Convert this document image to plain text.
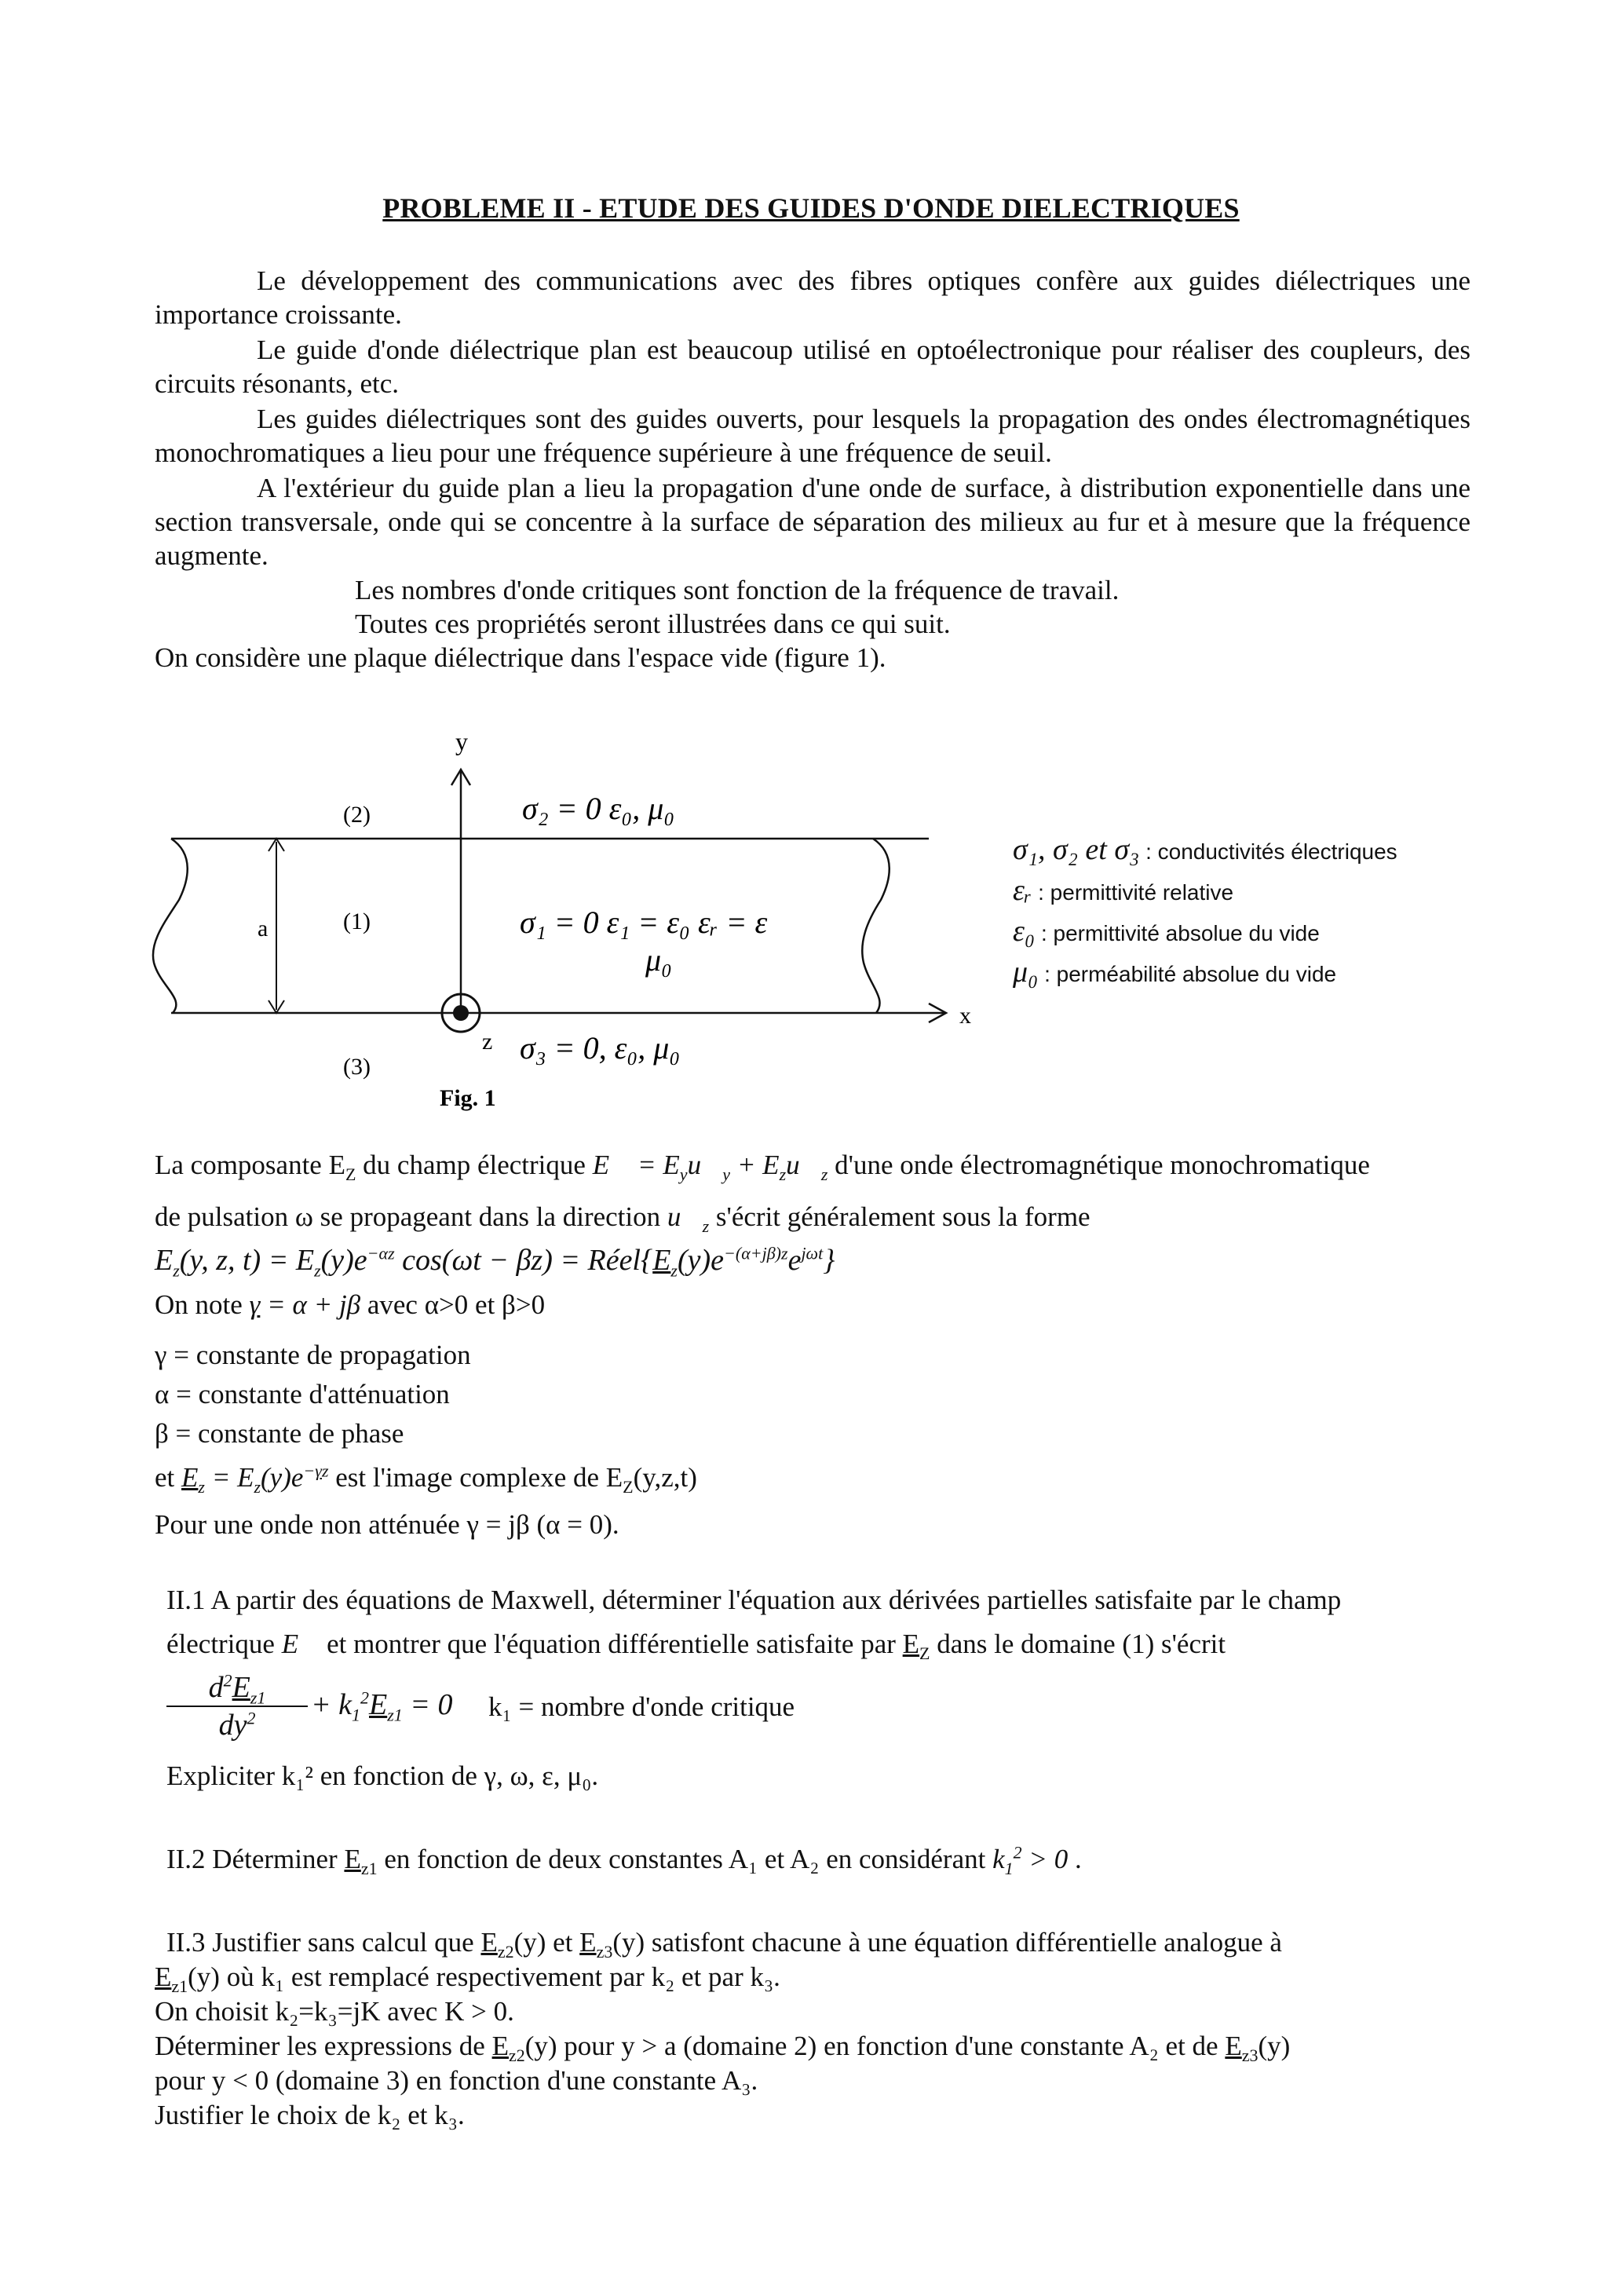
PROBLEME II - ETUDE DES GUIDES D'ONDE DIELECTRIQUES
Le développement des communications avec des fibres optiques confère aux guides diélectriques une importance croissante.
Le guide d'onde diélectrique plan est beaucoup utilisé en optoélectronique pour réaliser des coupleurs, des circuits résonants, etc.
Les guides diélectriques sont des guides ouverts, pour lesquels la propagation des ondes électromagnétiques monochromatiques a lieu pour une fréquence supérieure à une fréquence de seuil.
A l'extérieur du guide plan a lieu la propagation d'une onde de surface, à distribution exponentielle dans une section transversale, onde qui se concentre à la surface de séparation des milieux au fur et à mesure que la fréquence augmente.
Les nombres d'onde critiques sont fonction de la fréquence de travail.
Toutes ces propriétés seront illustrées dans ce qui suit.
On considère une plaque diélectrique dans l'espace vide (figure 1).
y
x
a
z
(2)
(1)
(3)
σ₂ = 0 ε₀, μ₀
σ₁ = 0 ε₁ = ε₀ εᵣ = ε
μ₀
σ₃ = 0, ε₀, μ₀
Fig. 1
σ₁, σ₂ et σ₃ : conductivités électriques
εᵣ : permittivité relative
ε₀ : permittivité absolue du vide
μ₀ : perméabilité absolue du vide
La composante $E_Z$ du champ électrique E⃗ = $E_yu⃗_y$ + $E_zu⃗_z$ d'une onde électromagnétique monochromatique
de pulsation ω se propageant dans la direction $u⃗_z$ s'écrit généralement sous la forme
$E_z(y$, z, $t) = E_z(y)e^{-\alpha z}$ $\cos(\omega t - \beta z) = Réel\{E_z(y)e^{-(\alpha+j\beta)z}e^{j\omega t}\}$
On note γ = α + jβ avec α>0 et β>0
γ = constante de propagation
α = constante d'atténuation
β = constante de phase
et $E_z = E_z(y)e^{-\gamma z}$ est l'image complexe de $E_Z(y,z,t)$
Pour une onde non atténuée γ = jβ (α = 0).
II.1 A partir des équations de Maxwell, déterminer l'équation aux dérivées partielles satisfaite par le champ
électrique E⃗ et montrer que l'équation différentielle satisfaite par $E_Z$ dans le domaine (1) s'écrit
$\frac{d^2E_{z1}}{dy^2} + k_1^2E_{z1} = 0$ k₁ = nombre d'onde critique
Expliciter k₁² en fonction de γ, ω, ε, μ₀.
II.2 Déterminer $E_{z1}$ en fonction de deux constantes A₁ et A₂ en considérant $k_1^2 > 0$ .
II.3 Justifier sans calcul que $E_{z2}(y)$ et $E_{z3}(y)$ satisfont chacune à une équation différentielle analogue à
$E_{z1}(y)$ où k₁ est remplacé respectivement par k₂ et par k₃.
On choisit k₂=k₃=jK avec K > 0.
Déterminer les expressions de $E_{z2}(y)$ pour y > a (domaine 2) en fonction d'une constante A₂ et de $E_{z3}(y)$
pour y < 0 (domaine 3) en fonction d'une constante A₃.
Justifier le choix de k₂ et k₃.
